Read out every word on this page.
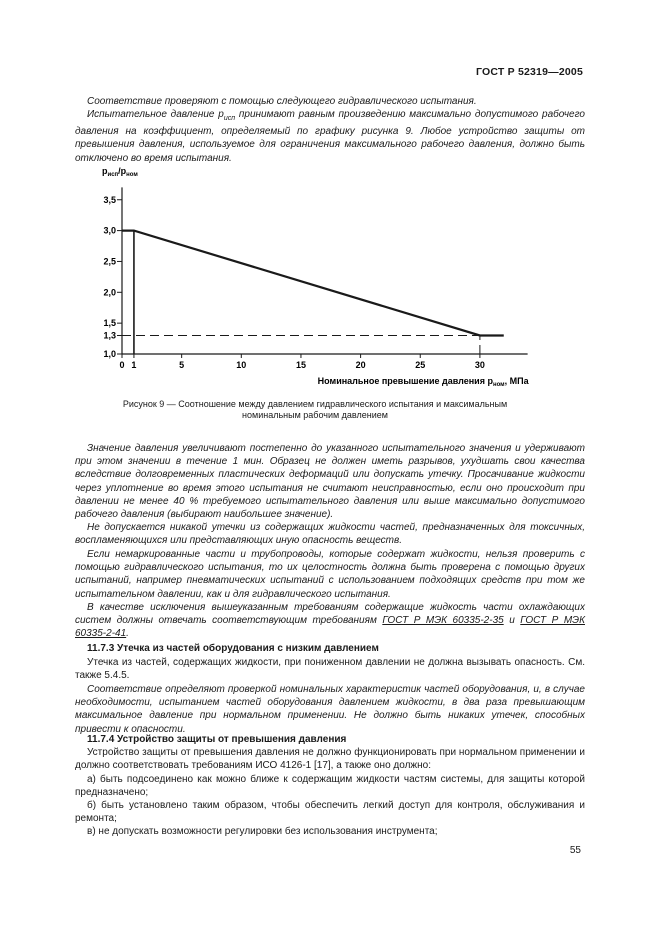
ГОСТ Р 52319—2005
Соответствие проверяют с помощью следующего гидравлического испытания.
Испытательное давление $p_{исп}$ принимают равным произведению максимально допустимого рабочего давления на коэффициент, определяемый по графику рисунка 9. Любое устройство защиты от превышения давления, используемое для ограничения максимального рабочего давления, должно быть отключено во время испытания.
0 1	5	10	15	20	25	30
1,0
1,3
1,5
2,0
2,5
3,0
3,5
$p_{исп}/p_{ном}$
Номинальное превышение давления $p_{ном}$, МПа
Рисунок 9 — Соотношение между давлением гидравлического испытания и максимальным номинальным рабочим давлением
Значение давления увеличивают постепенно до указанного испытательного значения и удерживают при этом значении в течение 1 мин. Образец не должен иметь разрывов, ухудшать свои качества вследствие долговременных пластических деформаций или допускать утечку. Просачивание жидкости через уплотнение во время этого испытания не считают неисправностью, если оно происходит при давлении не менее 40 % требуемого испытательного давления или выше максимально допустимого рабочего давления (выбирают наибольшее значение).
Не допускается никакой утечки из содержащих жидкости частей, предназначенных для токсичных, воспламеняющихся или представляющих иную опасность веществ.
Если немаркированные части и трубопроводы, которые содержат жидкости, нельзя проверить с помощью гидравлического испытания, то их целостность должна быть проверена с помощью других испытаний, например пневматических испытаний с использованием подходящих средств при том же испытательном давлении, как и для гидравлического испытания.
В качестве исключения вышеуказанным требованиям содержащие жидкость части охлаждающих систем должны отвечать соответствующим требованиям ГОСТ Р МЭК 60335-2-35 и ГОСТ Р МЭК 60335-2-41.
11.7.3 Утечка из частей оборудования с низким давлением
Утечка из частей, содержащих жидкости, при пониженном давлении не должна вызывать опасность. См. также 5.4.5.
Соответствие определяют проверкой номинальных характеристик частей оборудования, и, в случае необходимости, испытанием частей оборудования давлением жидкости, в два раза превышающим максимальное давление при нормальном применении. Не должно быть никаких утечек, способных привести к опасности.
11.7.4 Устройство защиты от превышения давления
Устройство защиты от превышения давления не должно функционировать при нормальном применении и должно соответствовать требованиям ИСО 4126-1 [17], а также оно должно:
а) быть подсоединено как можно ближе к содержащим жидкости частям системы, для защиты которой предназначено;
б) быть установлено таким образом, чтобы обеспечить легкий доступ для контроля, обслуживания и ремонта;
в) не допускать возможности регулировки без использования инструмента;
55
